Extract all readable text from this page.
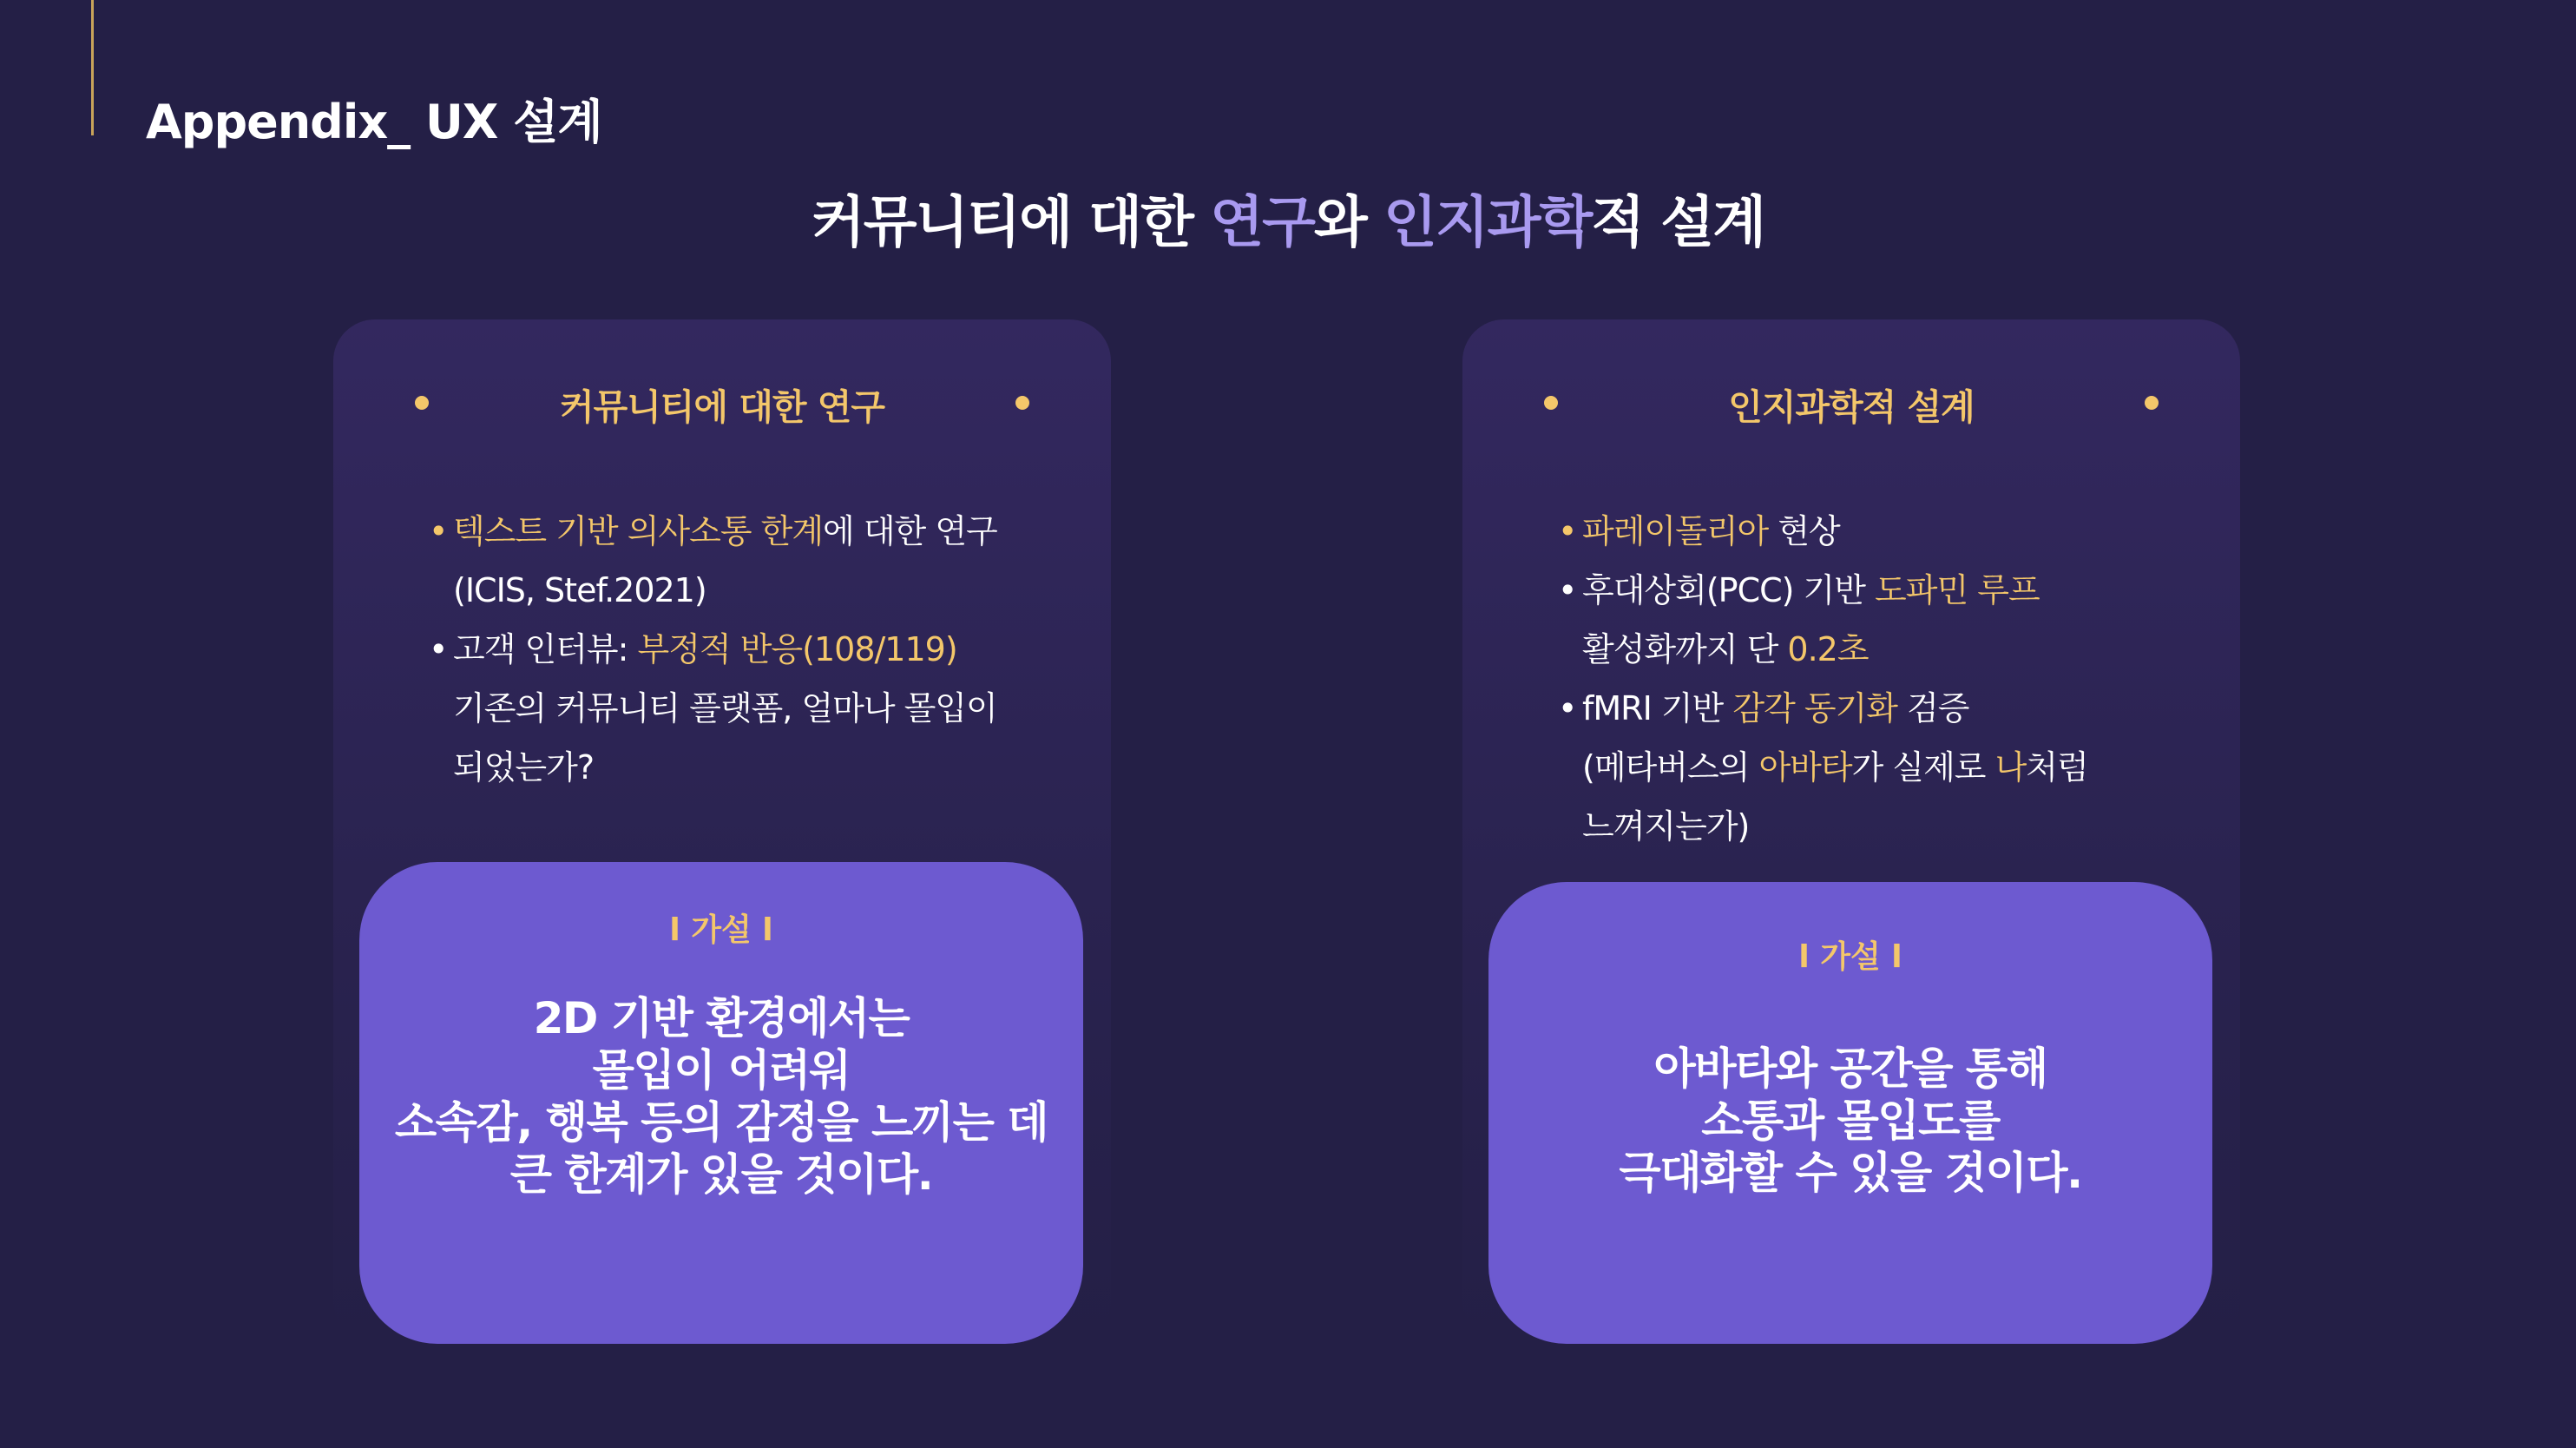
Appendix_ UX 설계
커뮤니티에 대한 연구와 인지과학적 설계
커뮤니티에 대한 연구
• 텍스트 기반 의사소통 한계에 대한 연구
(ICIS, Stef.2021)
• 고객 인터뷰: 부정적 반응(108/119)
기존의 커뮤니티 플랫폼, 얼마나 몰입이
되었는가?
l 가설 l
2D 기반 환경에서는
몰입이 어려워
소속감, 행복 등의 감정을 느끼는 데
큰 한계가 있을 것이다.
인지과학적 설계
• 파레이돌리아 현상
• 후대상회(PCC) 기반 도파민 루프
활성화까지 단 0.2초
• fMRI 기반 감각 동기화 검증
(메타버스의 아바타가 실제로 나처럼
느껴지는가)
l 가설 l
아바타와 공간을 통해
소통과 몰입도를
극대화할 수 있을 것이다.
